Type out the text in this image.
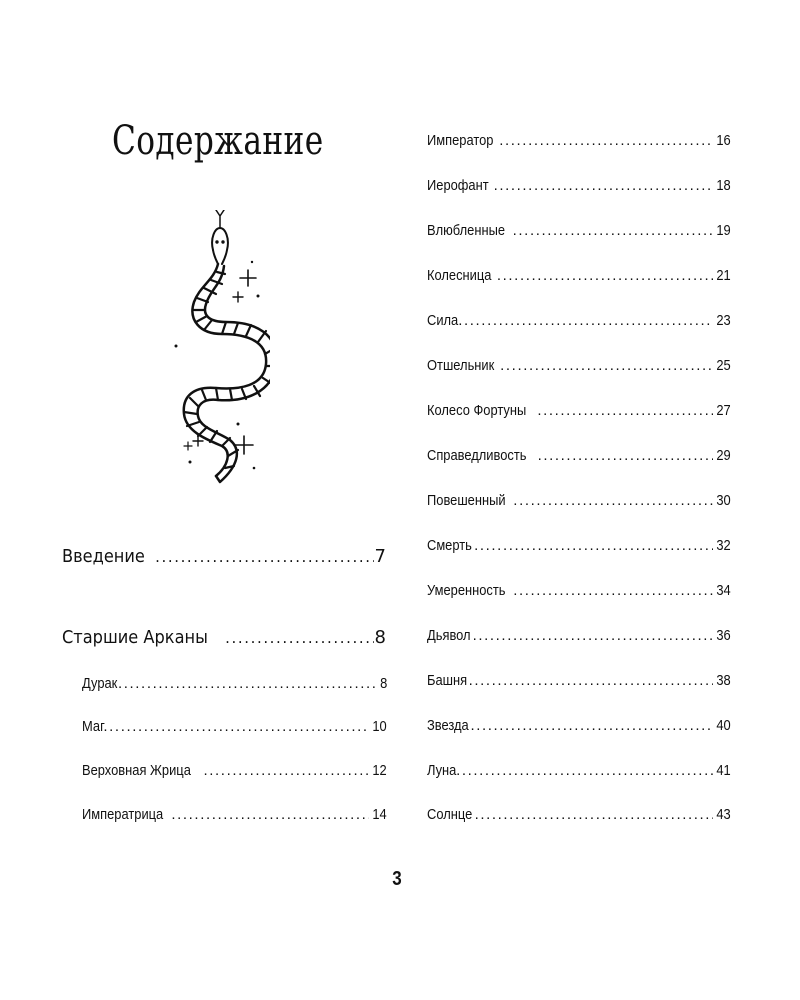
Содержание
Введение .....	7
Старшие Арканы .....	8
Дурак .....	8
Маг .....	10
Верховная Жрица .....	12
Императрица .....	14
Император .....	16
Иерофант .....	18
Влюбленные .....	19
Колесница .....	21
Сила .....	23
Отшельник .....	25
Колесо Фортуны .....	27
Справедливость .....	29
Повешенный .....	30
Смерть .....	32
Умеренность .....	34
Дьявол .....	36
Башня .....	38
Звезда .....	40
Луна .....	41
Солнце .....	43
3
